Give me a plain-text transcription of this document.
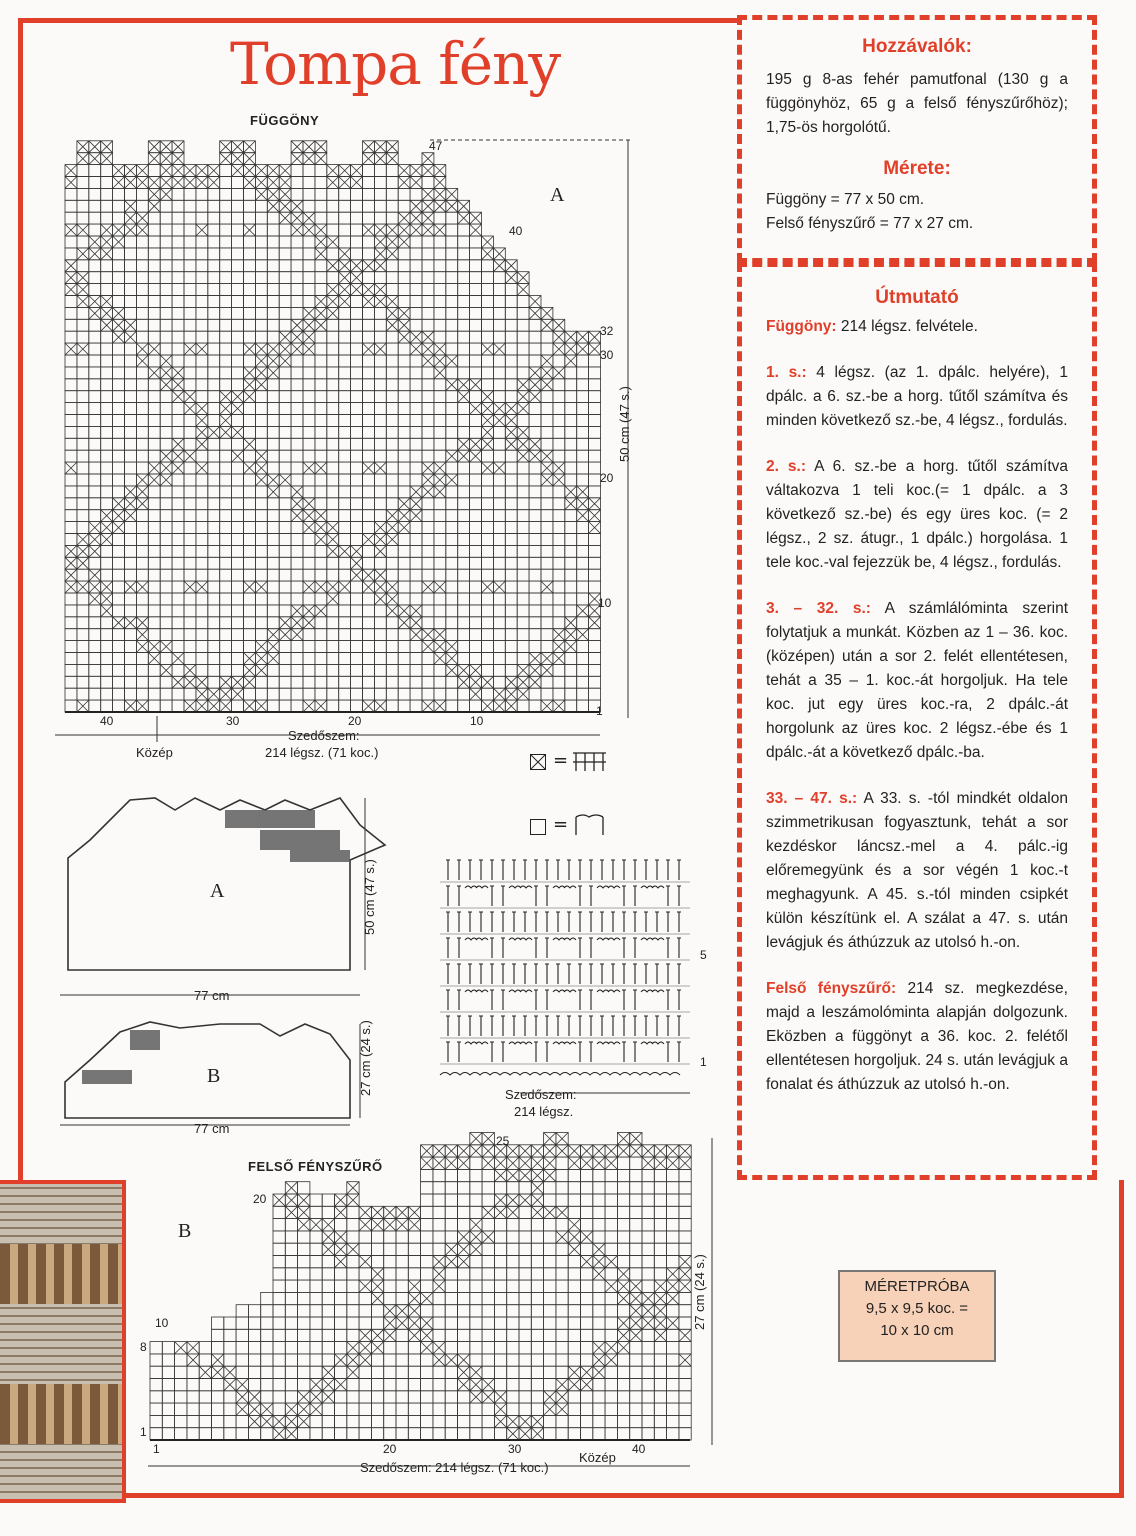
Tompa fény
FÜGGÖNY
A
47
40
32
30
20
10
1
40	30	20	10
50 cm (47 s.)
Közép
Szedőszem:
214 légsz. (71 koc.)	=
=
A
77 cm
50 cm (47 s.)
B
77 cm
27 cm (24 s.)
5
1
Szedőszem:
214 légsz.
FELSŐ FÉNYSZŰRŐ
B
25
20
10
8
1
1	20	30	40
27 cm (24 s.)
Közép
Szedőszem: 214 légsz. (71 koc.)
Hozzávalók:

195 g 8-as fehér pamutfonal (130 g a függönyhöz, 65 g a felső fényszűrőhöz); 1,75-ös horgolótű.

Mérete:

Függöny = 77 x 50 cm.

Felső fényszűrő = 77 x 27 cm.

Útmutató

Függöny: 214 légsz. felvétele.

1. s.: 4 légsz. (az 1. dpálc. helyére), 1 dpálc. a 6. sz.-be a horg. tűtől számítva és minden következő sz.-be, 4 légsz., fordulás.

2. s.: A 6. sz.-be a horg. tűtől számítva váltakozva 1 teli koc.(= 1 dpálc. a 3 következő sz.-be) és egy üres koc. (= 2 légsz., 2 sz. átugr., 1 dpálc.) horgolása. 1 tele koc.-val fejezzük be, 4 légsz., fordulás.

3. – 32. s.: A számlálóminta szerint folytatjuk a munkát. Közben az 1 – 36. koc. (középen) után a sor 2. felét ellentétesen, tehát a 35 – 1. koc.-át horgoljuk. Ha tele koc. jut egy üres koc.-ra, 2 dpálc.-át horgolunk az üres koc. 2 légsz.-ébe és 1 dpálc.-át a következő dpálc.-ba.

33. – 47. s.: A 33. s. -tól mindkét oldalon szimmetrikusan fogyasztunk, tehát a sor kezdéskor láncsz.-mel a 4. pálc.-ig előremegyünk és a sor végén 1 koc.-t meghagyunk. A 45. s.-tól minden csipkét külön készítünk el. A szálat a 47. s. után levágjuk és áthúzzuk az utolsó h.-on.

Felső fényszűrő: 214 sz. megkezdése, majd a leszámolóminta alapján dolgozunk. Eközben a függönyt a 36. koc. 2. felétől ellentétesen horgoljuk. 24 s. után levágjuk a fonalat és áthúzzuk az utolsó h.-on.

MÉRETPRÓBA
9,5 x 9,5 koc. =
10 x 10 cm
